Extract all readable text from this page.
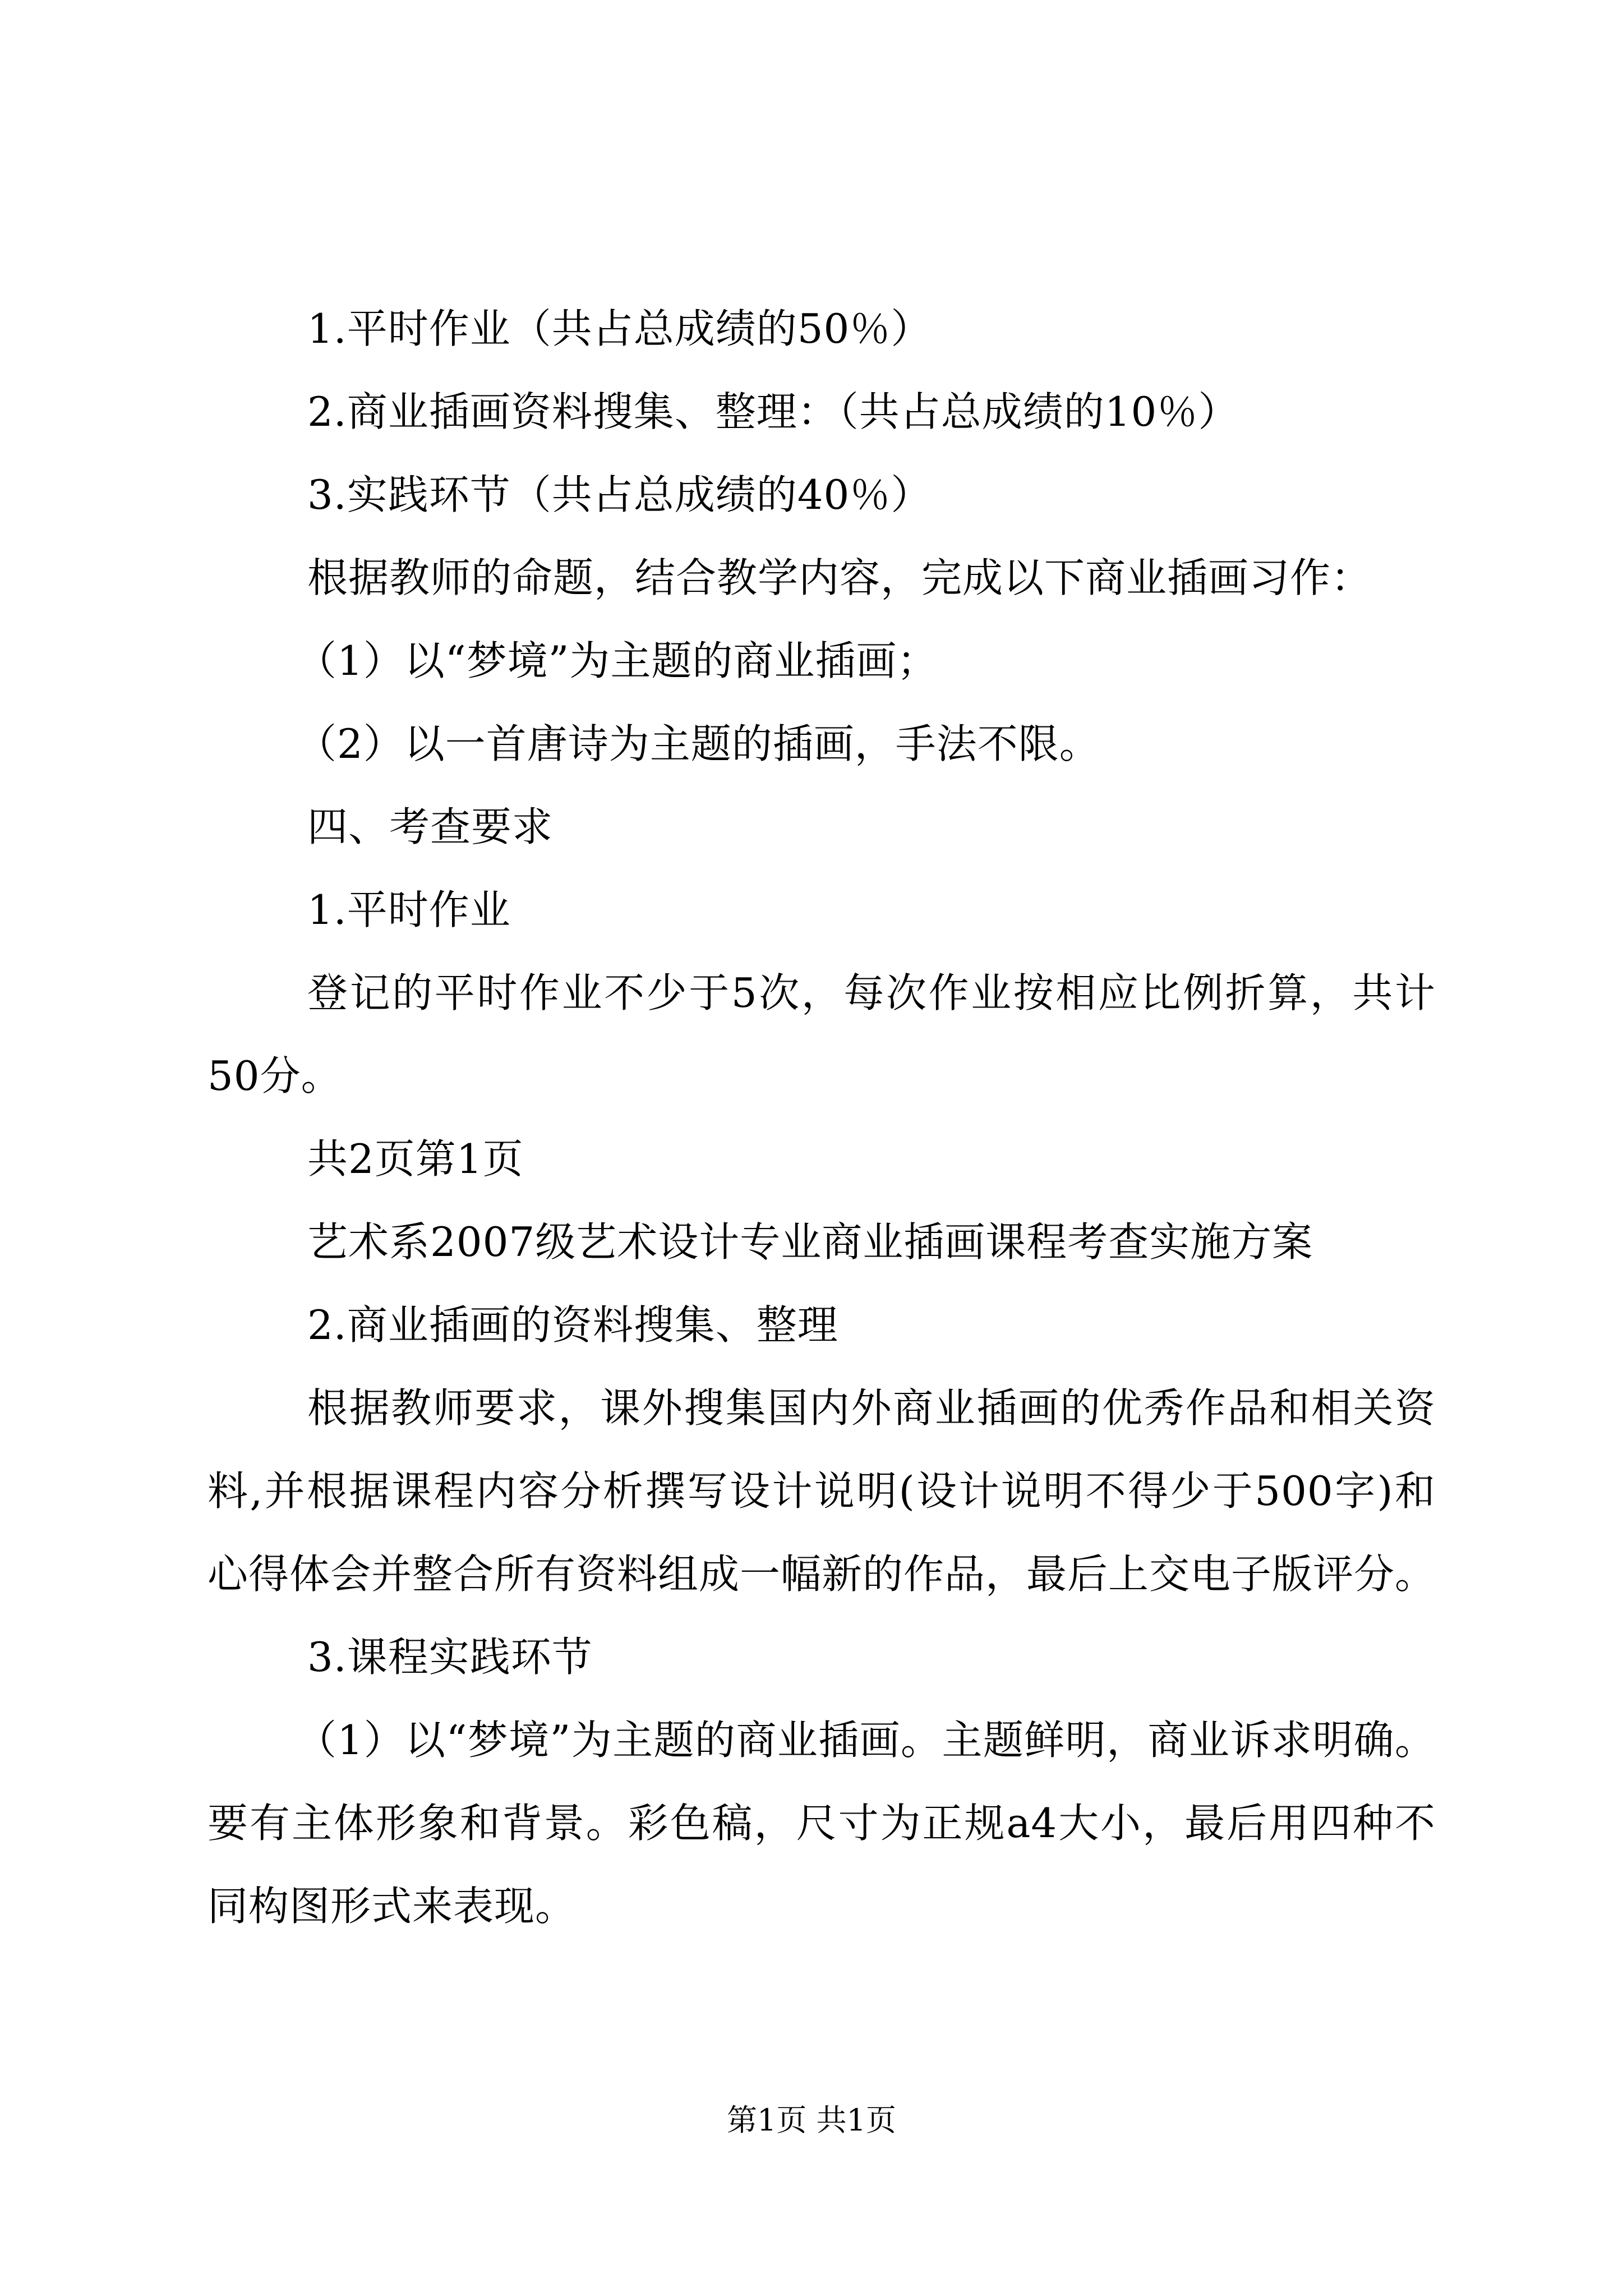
1.平时作业（共占总成绩的50％）
2.商业插画资料搜集、整理：（共占总成绩的10％）
3.实践环节（共占总成绩的40％）
根据教师的命题，结合教学内容，完成以下商业插画习作：
（1）以“梦境”为主题的商业插画；
（2）以一首唐诗为主题的插画，手法不限。
四、考查要求
1.平时作业
登记的平时作业不少于5次，每次作业按相应比例折算，共计50分。
共2页第1页
艺术系2007级艺术设计专业商业插画课程考查实施方案
2.商业插画的资料搜集、整理
根据教师要求，课外搜集国内外商业插画的优秀作品和相关资料,并根据课程内容分析撰写设计说明(设计说明不得少于500字)和心得体会并整合所有资料组成一幅新的作品，最后上交电子版评分。
3.课程实践环节
（1）以“梦境”为主题的商业插画。主题鲜明，商业诉求明确。要有主体形象和背景。彩色稿，尺寸为正规a4大小，最后用四种不同构图形式来表现。
第1页 共1页
